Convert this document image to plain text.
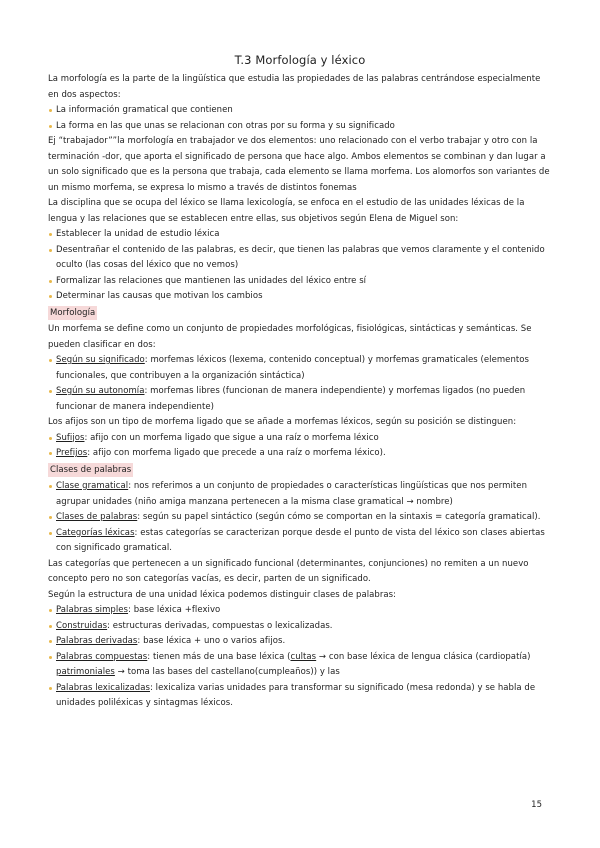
T.3 Morfología y léxico

La morfología es la parte de la lingüística que estudia las propiedades de las palabras centrándose especialmente en dos aspectos:

La información gramatical que contienen

La forma en las que unas se relacionan con otras por su forma y su significado

Ej “trabajador””la morfología en trabajador ve dos elementos: uno relacionado con el verbo trabajar y otro con la terminación -dor, que aporta el significado de persona que hace algo. Ambos elementos se combinan y dan lugar a un solo significado que es la persona que trabaja, cada elemento se llama morfema. Los alomorfos son variantes de un mismo morfema, se expresa lo mismo a través de distintos fonemas

La disciplina que se ocupa del léxico se llama lexicología, se enfoca en el estudio de las unidades léxicas de la lengua y las relaciones que se establecen entre ellas, sus objetivos según Elena de Miguel son:

Establecer la unidad de estudio léxica

Desentrañar el contenido de las palabras, es decir, que tienen las palabras que vemos claramente y el contenido oculto (las cosas del léxico que no vemos)

Formalizar las relaciones que mantienen las unidades del léxico entre sí

Determinar las causas que motivan los cambios

Morfología

Un morfema se define como un conjunto de propiedades morfológicas, fisiológicas, sintácticas y semánticas. Se pueden clasificar en dos:

Según su significado: morfemas léxicos (lexema, contenido conceptual) y morfemas gramaticales (elementos funcionales, que contribuyen a la organización sintáctica)

Según su autonomía: morfemas libres (funcionan de manera independiente) y morfemas ligados (no pueden funcionar de manera independiente)

Los afijos son un tipo de morfema ligado que se añade a morfemas léxicos, según su posición se distinguen:

Sufijos: afijo con un morfema ligado que sigue a una raíz o morfema léxico

Prefijos: afijo con morfema ligado que precede a una raíz o morfema léxico).

Clases de palabras

Clase gramatical: nos referimos a un conjunto de propiedades o características lingüísticas que nos permiten agrupar unidades (niño amiga manzana pertenecen a la misma clase gramatical → nombre)

Clases de palabras: según su papel sintáctico (según cómo se comportan en la sintaxis = categoría gramatical).

Categorías léxicas: estas categorías se caracterizan porque desde el punto de vista del léxico son clases abiertas con significado gramatical.

Las categorías que pertenecen a un significado funcional (determinantes, conjunciones) no remiten a un nuevo concepto pero no son categorías vacías, es decir, parten de un significado.

Según la estructura de una unidad léxica podemos distinguir clases de palabras:

Palabras simples: base léxica +flexivo

Construidas: estructuras derivadas, compuestas o lexicalizadas.

Palabras derivadas: base léxica + uno o varios afijos.

Palabras compuestas: tienen más de una base léxica (cultas → con base léxica de lengua clásica (cardiopatía) patrimoniales → toma las bases del castellano(cumpleaños)) y las

Palabras lexicalizadas: lexicaliza varias unidades para transformar su significado (mesa redonda) y se habla de unidades poliléxicas y sintagmas léxicos.

15
